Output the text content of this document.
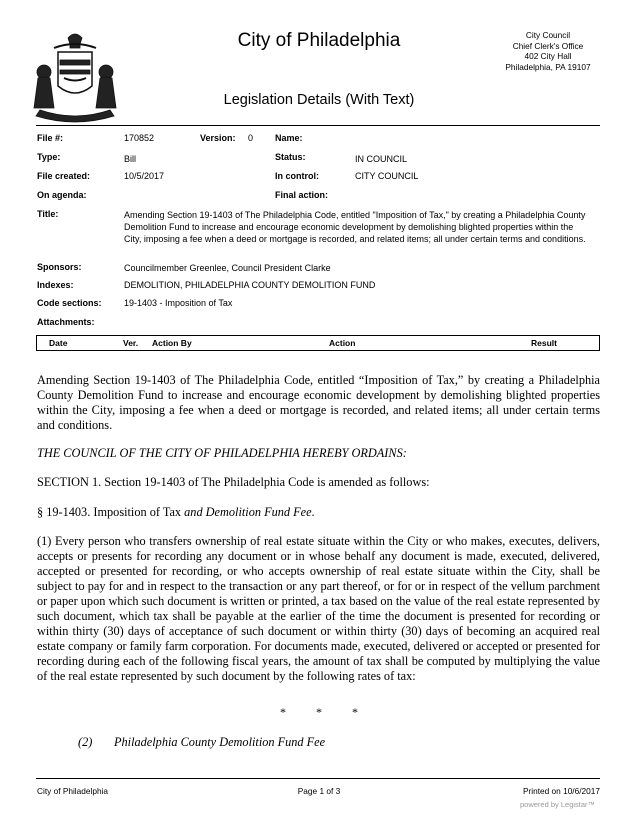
City of Philadelphia	City Council
Chief Clerk's Office
402 City Hall
Philadelphia, PA 19107
Legislation Details (With Text)
File #:	170852	Version: 0 Name:
Type:	Bill	Status:	IN COUNCIL
File created:	10/5/2017	In control:	CITY COUNCIL
On agenda:	Final action:
Title:	Amending Section 19-1403 of The Philadelphia Code, entitled "Imposition of Tax," by creating a Philadelphia County Demolition Fund to increase and encourage economic development by demolishing blighted properties within the City, imposing a fee when a deed or mortgage is recorded, and related items; all under certain terms and conditions.
Sponsors:	Councilmember Greenlee, Council President Clarke
Indexes:	DEMOLITION, PHILADELPHIA COUNTY DEMOLITION FUND
Code sections: 19-1403 - Imposition of Tax
Attachments:
Date	Ver. Action By	Action	Result
Amending Section 19-1403 of The Philadelphia Code, entitled “Imposition of Tax,” by creating a Philadelphia County Demolition Fund to increase and encourage economic development by demolishing blighted properties within the City, imposing a fee when a deed or mortgage is recorded, and related items; all under certain terms and conditions.
THE COUNCIL OF THE CITY OF PHILADELPHIA HEREBY ORDAINS:
SECTION 1. Section 19-1403 of The Philadelphia Code is amended as follows:
§ 19-1403. Imposition of Tax and Demolition Fund Fee.
(1) Every person who transfers ownership of real estate situate within the City or who makes, executes, delivers, accepts or presents for recording any document or in whose behalf any document is made, executed, delivered, accepted or presented for recording, or who accepts ownership of real estate situate within the City, shall be subject to pay for and in respect to the transaction or any part thereof, or for or in respect of the vellum parchment or paper upon which such document is written or printed, a tax based on the value of the real estate represented by such document, which tax shall be payable at the earlier of the time the document is presented for recording or within thirty (30) days of acceptance of such document or within thirty (30) days of becoming an acquired real estate company or family farm corporation. For documents made, executed, delivered or accepted or presented for recording during each of the following fiscal years, the amount of tax shall be computed by multiplying the value of the real estate represented by such document by the following rates of tax:
*          *          *
(2) Philadelphia County Demolition Fund Fee
City of Philadelphia	Page 1 of 3	Printed on 10/6/2017
powered by Legistar™
